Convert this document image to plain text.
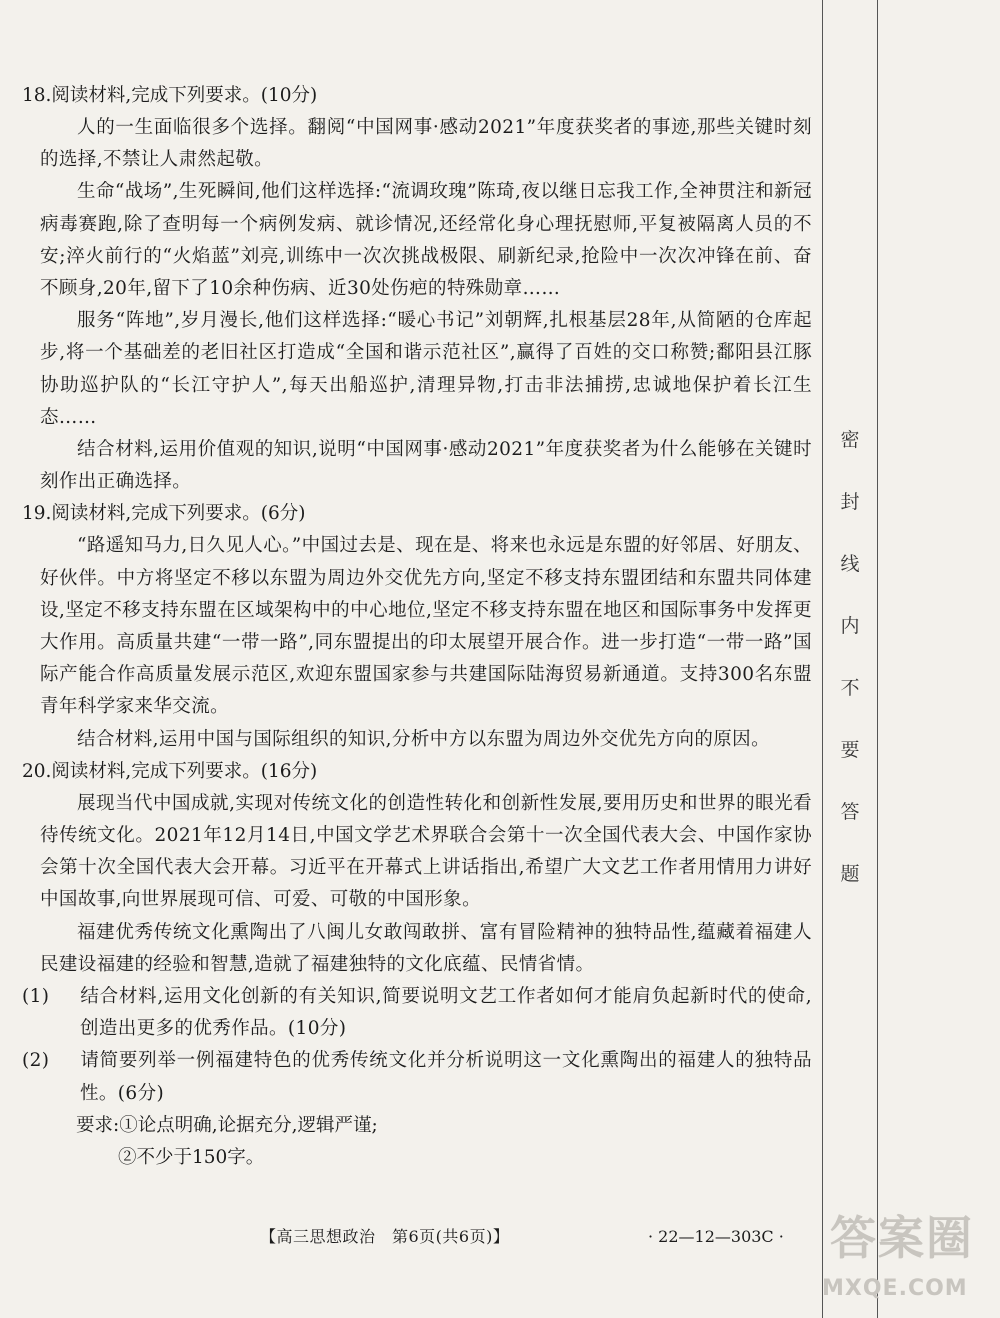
18.阅读材料,完成下列要求。(10分)

人的一生面临很多个选择。翻阅“中国网事·感动2021”年度获奖者的事迹,那些关键时刻的选择,不禁让人肃然起敬。

生命“战场”,生死瞬间,他们这样选择:“流调玫瑰”陈琦,夜以继日忘我工作,全神贯注和新冠病毒赛跑,除了查明每一个病例发病、就诊情况,还经常化身心理抚慰师,平复被隔离人员的不安;淬火前行的“火焰蓝”刘亮,训练中一次次挑战极限、刷新纪录,抢险中一次次冲锋在前、奋不顾身,20年,留下了10余种伤病、近30处伤疤的特殊勋章……

服务“阵地”,岁月漫长,他们这样选择:“暖心书记”刘朝辉,扎根基层28年,从简陋的仓库起步,将一个基础差的老旧社区打造成“全国和谐示范社区”,赢得了百姓的交口称赞;鄱阳县江豚协助巡护队的“长江守护人”,每天出船巡护,清理异物,打击非法捕捞,忠诚地保护着长江生态……

结合材料,运用价值观的知识,说明“中国网事·感动2021”年度获奖者为什么能够在关键时刻作出正确选择。

19.阅读材料,完成下列要求。(6分)

“路遥知马力,日久见人心。”中国过去是、现在是、将来也永远是东盟的好邻居、好朋友、好伙伴。中方将坚定不移以东盟为周边外交优先方向,坚定不移支持东盟团结和东盟共同体建设,坚定不移支持东盟在区域架构中的中心地位,坚定不移支持东盟在地区和国际事务中发挥更大作用。高质量共建“一带一路”,同东盟提出的印太展望开展合作。进一步打造“一带一路”国际产能合作高质量发展示范区,欢迎东盟国家参与共建国际陆海贸易新通道。支持300名东盟青年科学家来华交流。

结合材料,运用中国与国际组织的知识,分析中方以东盟为周边外交优先方向的原因。

20.阅读材料,完成下列要求。(16分)

展现当代中国成就,实现对传统文化的创造性转化和创新性发展,要用历史和世界的眼光看待传统文化。2021年12月14日,中国文学艺术界联合会第十一次全国代表大会、中国作家协会第十次全国代表大会开幕。习近平在开幕式上讲话指出,希望广大文艺工作者用情用力讲好中国故事,向世界展现可信、可爱、可敬的中国形象。

福建优秀传统文化熏陶出了八闽儿女敢闯敢拼、富有冒险精神的独特品性,蕴藏着福建人民建设福建的经验和智慧,造就了福建独特的文化底蕴、民情省情。

(1) 结合材料,运用文化创新的有关知识,简要说明文艺工作者如何才能肩负起新时代的使命,创造出更多的优秀作品。(10分)

(2) 请简要列举一例福建特色的优秀传统文化并分析说明这一文化熏陶出的福建人的独特品性。(6分)

要求:①论点明确,论据充分,逻辑严谨;

②不少于150字。

密
封
线
内
不
要
答
题
【高三思想政治　第6页(共6页)】	· 22—12—303C · 答案圈
MXQE.COM
